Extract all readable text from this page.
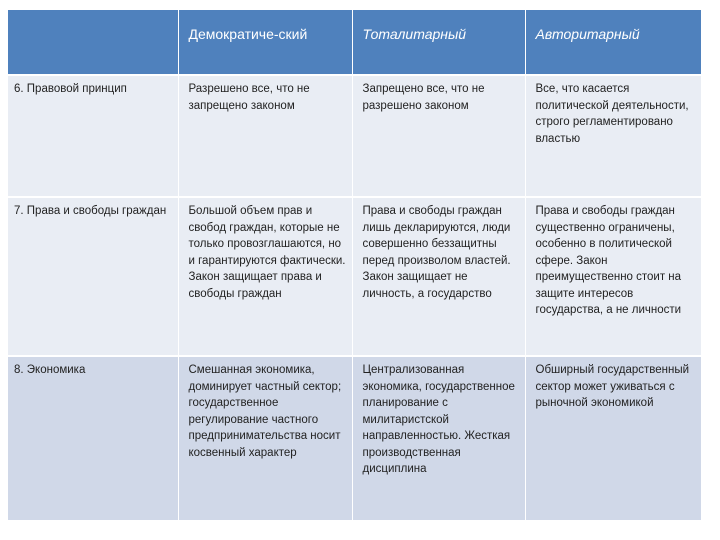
	Демократиче-ский	Тоталитарный	Авторитарный
6. Правовой принцип	Разрешено все, что не запрещено законом	Запрещено все, что не разрешено законом	Все, что касается политической деятельности, строго регламентировано властью
7. Права и свободы граждан	Большой объем прав и свобод граждан, которые не только провозглашаются, но и гарантируются фактически. Закон защищает права и свободы граждан	Права и свободы граждан лишь декларируются, люди совершенно беззащитны перед произволом властей. Закон защищает не личность, а государство	Права и свободы граждан существенно ограничены, особенно в политической сфере. Закон преимущественно стоит на защите интересов государства, а не личности
8. Экономика	Смешанная экономика, доминирует частный сектор; государственное регулирование частного предпринимательства носит косвенный характер	Централизованная экономика, государственное планирование с милитаристской направленностью. Жесткая производственная дисциплина	Обширный государственный сектор может уживаться с рыночной экономикой
